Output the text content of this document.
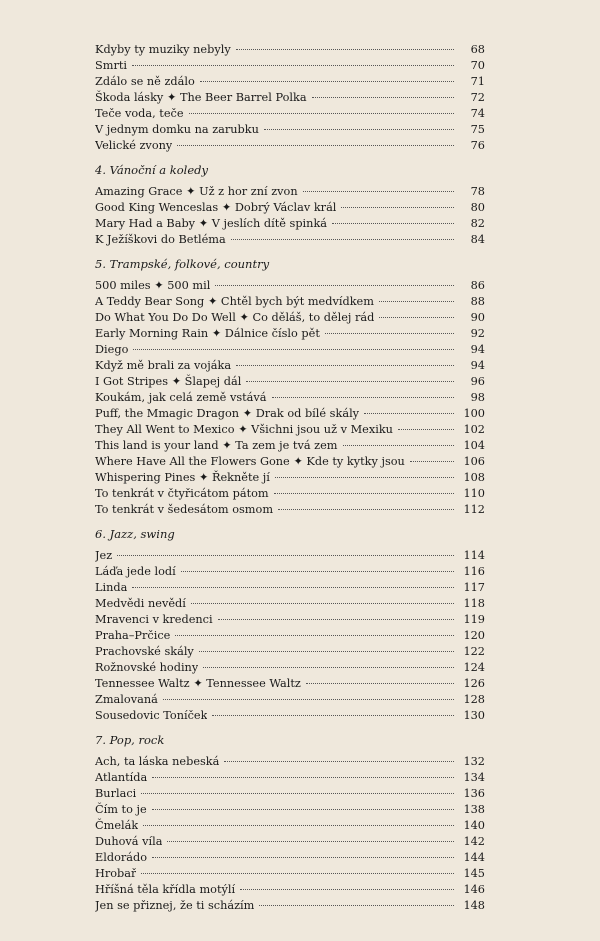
Kdyby ty muziky nebyly	68
Smrti	70
Zdálo se ně zdálo	71
Škoda lásky ✦ The Beer Barrel Polka	72
Teče voda, teče	74
V jednym domku na zarubku	75
Velické zvony	76
4. Vánoční a koledy
Amazing Grace ✦ Už z hor zní zvon	78
Good King Wenceslas ✦ Dobrý Václav král	80
Mary Had a Baby ✦ V jeslích dítě spinká	82
K Ježíškovi do Betléma	84
5. Trampské, folkové, country
500 miles ✦ 500 mil	86
A Teddy Bear Song ✦ Chtěl bych být medvídkem	88
Do What You Do Do Well ✦ Co děláš, to dělej rád	90
Early Morning Rain ✦ Dálnice číslo pět	92
Diego	94
Když mě brali za vojáka	94
I Got Stripes ✦ Šlapej dál	96
Koukám, jak celá země vstává	98
Puff, the Mmagic Dragon ✦ Drak od bílé skály	100
They All Went to Mexico ✦ Všichni jsou už v Mexiku	102
This land is your land ✦ Ta zem je tvá zem	104
Where Have All the Flowers Gone ✦ Kde ty kytky jsou	106
Whispering Pines ✦ Řekněte jí	108
To tenkrát v čtyřicátom pátom	110
To tenkrát v šedesátom osmom	112
6. Jazz, swing
Jez	114
Láďa jede lodí	116
Linda	117
Medvědi nevědí	118
Mravenci v kredenci	119
Praha–Prčice	120
Prachovské skály	122
Rožnovské hodiny	124
Tennessee Waltz ✦ Tennessee Waltz	126
Zmalovaná	128
Sousedovic Toníček	130
7. Pop, rock
Ach, ta láska nebeská	132
Atlantída	134
Burlaci	136
Čím to je	138
Čmelák	140
Duhová víla	142
Eldorádo	144
Hrobař	145
Hříšná těla křídla motýlí	146
Jen se přiznej, že ti scházím	148
